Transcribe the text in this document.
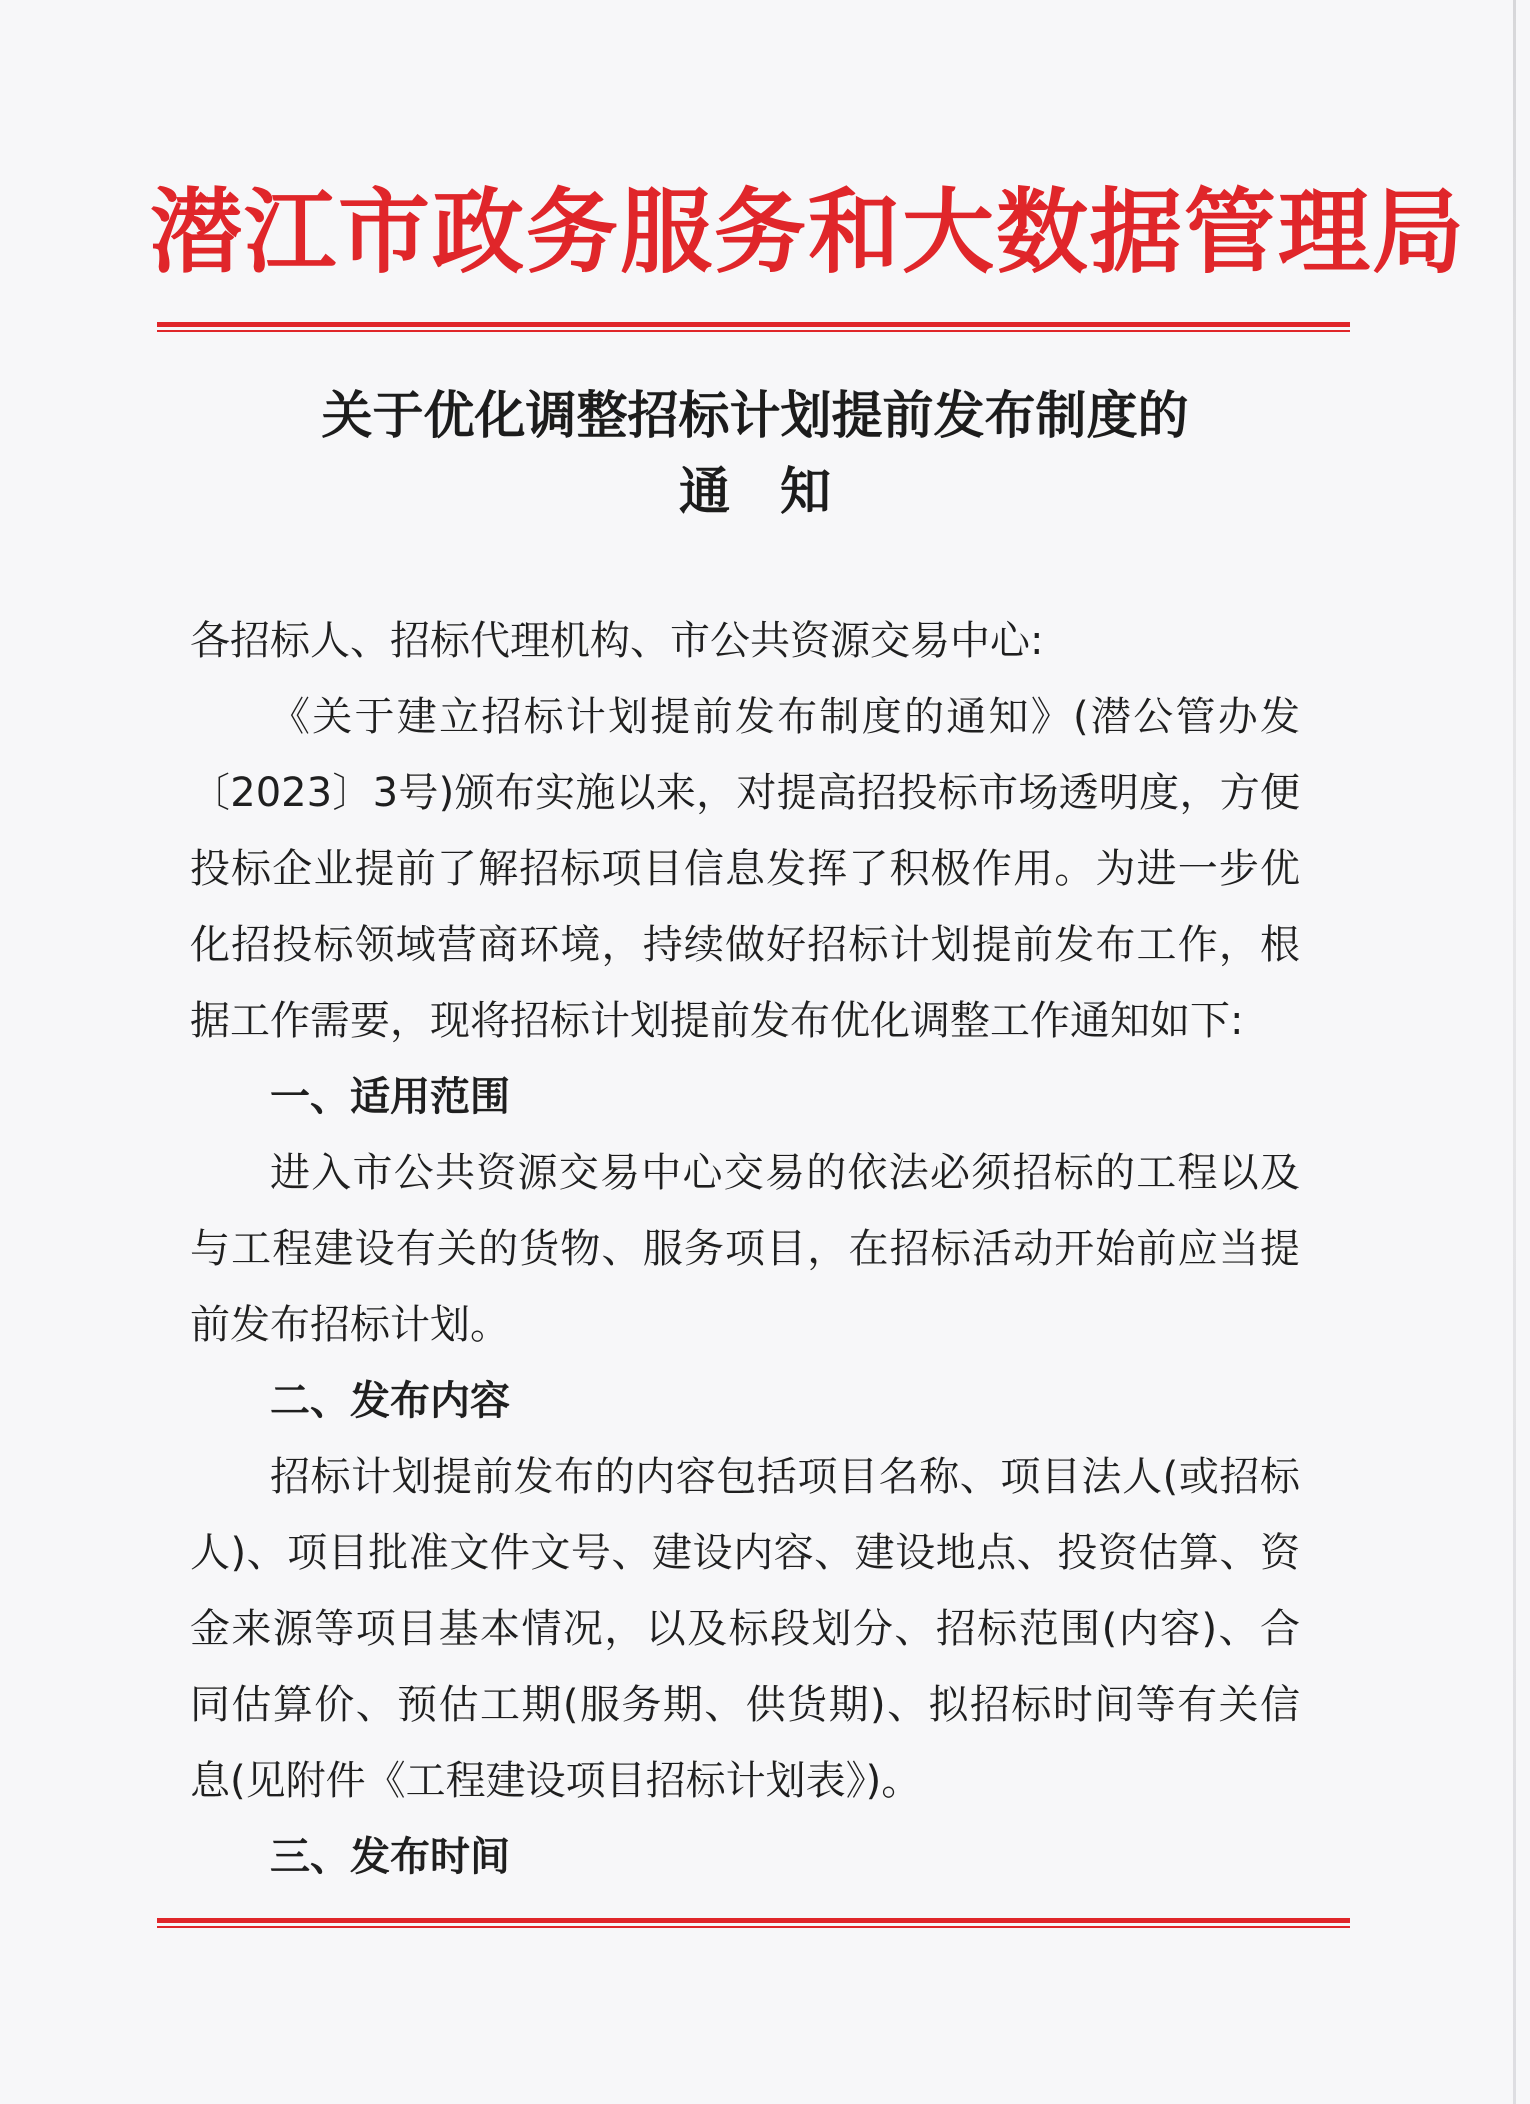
潜江市政务服务和大数据管理局
关于优化调整招标计划提前发布制度的
通知

各招标人、招标代理机构、市公共资源交易中心:

《关于建立招标计划提前发布制度的通知》(潜公管办发〔2023〕3号)颁布实施以来，对提高招投标市场透明度，方便投标企业提前了解招标项目信息发挥了积极作用。为进一步优化招投标领域营商环境，持续做好招标计划提前发布工作，根据工作需要，现将招标计划提前发布优化调整工作通知如下:

一、适用范围

进入市公共资源交易中心交易的依法必须招标的工程以及与工程建设有关的货物、服务项目，在招标活动开始前应当提前发布招标计划。

二、发布内容

招标计划提前发布的内容包括项目名称、项目法人(或招标人)、项目批准文件文号、建设内容、建设地点、投资估算、资金来源等项目基本情况，以及标段划分、招标范围(内容)、合同估算价、预估工期(服务期、供货期)、拟招标时间等有关信息(见附件《工程建设项目招标计划表》)。

三、发布时间
